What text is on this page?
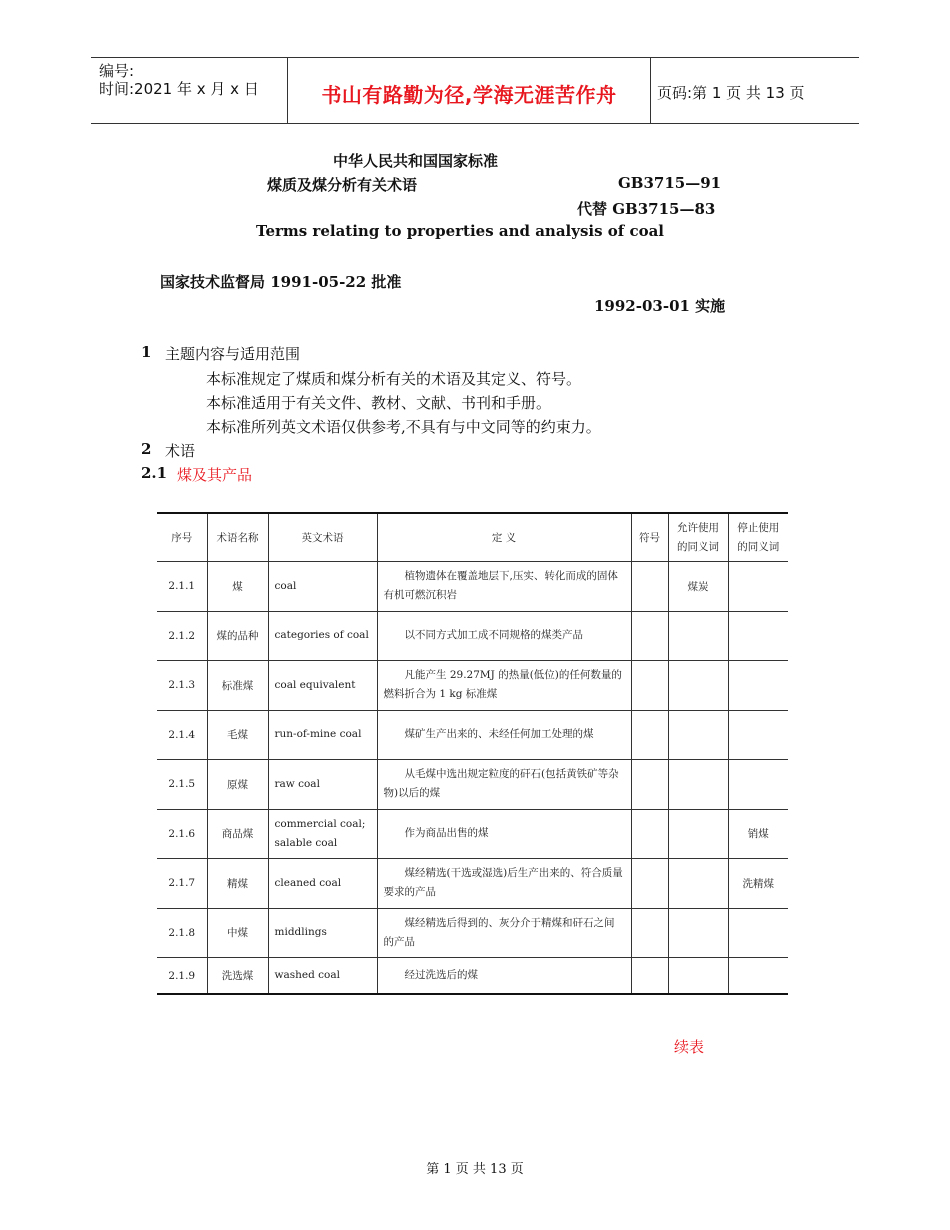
编号:
时间:2021 年 x 月 x 日	书山有路勤为径,学海无涯苦作舟	页码:第 1 页 共 13 页
中华人民共和国国家标准
煤质及煤分析有关术语	GB3715—91
代替 GB3715—83
Terms relating to properties and analysis of coal
国家技术监督局 1991-05-22 批准
1992-03-01 实施
1 主题内容与适用范围
本标准规定了煤质和煤分析有关的术语及其定义、符号。
本标准适用于有关文件、教材、文献、书刊和手册。
本标准所列英文术语仅供参考,不具有与中文同等的约束力。
2 术语
2.1 煤及其产品
序号	术语名称	英文术语	定 义	符号	允许使用的同义词	停止使用的同义词
2.1.1	煤	coal	植物遗体在覆盖地层下,压实、转化而成的固体有机可燃沉积岩		煤炭	
2.1.2	煤的品种	categories of coal	以不同方式加工成不同规格的煤类产品			
2.1.3	标准煤	coal equivalent	凡能产生 29.27MJ 的热量(低位)的任何数量的燃料折合为 1 kg 标准煤			
2.1.4	毛煤	run-of-mine coal	煤矿生产出来的、未经任何加工处理的煤			
2.1.5	原煤	raw coal	从毛煤中选出规定粒度的矸石(包括黄铁矿等杂物)以后的煤			
2.1.6	商品煤	commercial coal; salable coal	作为商品出售的煤			销煤
2.1.7	精煤	cleaned coal	煤经精选(干选或湿选)后生产出来的、符合质量要求的产品			洗精煤
2.1.8	中煤	middlings	煤经精选后得到的、灰分介于精煤和矸石之间的产品			
2.1.9	洗选煤	washed coal	经过洗选后的煤			
续表
第 1 页 共 13 页
